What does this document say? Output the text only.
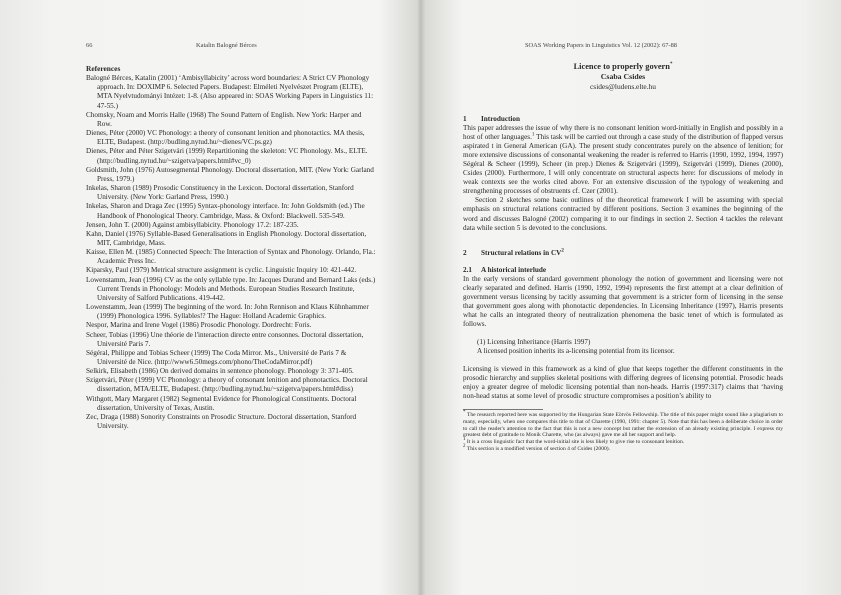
66	Katalin Balogné Bérces
References

Balogné Bérces, Katalin (2001) ‘Ambisyllabicity’ across word boundaries: A Strict CV Phonology approach. In: DOXIMP 6. Selected Papers. Budapest: Elméleti Nyelvészet Program (ELTE), MTA Nyelvtudományi Intézet: 1-8. (Also appeared in: SOAS Working Papers in Linguistics 11: 47-55.)

Chomsky, Noam and Morris Halle (1968) The Sound Pattern of English. New York: Harper and Row.

Dienes, Péter (2000) VC Phonology: a theory of consonant lenition and phonotactics. MA thesis, ELTE, Budapest. (http://budling.nytud.hu/~dienes/VC.ps.gz)

Dienes, Péter and Péter Szigetvári (1999) Repartitioning the skeleton: VC Phonology. Ms., ELTE. (http://budling.nytud.hu/~szigetva/papers.html#vc_0)

Goldsmith, John (1976) Autosegmental Phonology. Doctoral dissertation, MIT. (New York: Garland Press, 1979.)

Inkelas, Sharon (1989) Prosodic Constituency in the Lexicon. Doctoral dissertation, Stanford University. (New York: Garland Press, 1990.)

Inkelas, Sharon and Draga Zec (1995) Syntax-phonology interface. In: John Goldsmith (ed.) The Handbook of Phonological Theory. Cambridge, Mass. & Oxford: Blackwell. 535-549.

Jensen, John T. (2000) Against ambisyllabicity. Phonology 17.2: 187-235.

Kahn, Daniel (1976) Syllable-Based Generalisations in English Phonology. Doctoral dissertation, MIT, Cambridge, Mass.

Kaisse, Ellen M. (1985) Connected Speech: The Interaction of Syntax and Phonology. Orlando, Fla.: Academic Press Inc.

Kiparsky, Paul (1979) Metrical structure assignment is cyclic. Linguistic Inquiry 10: 421-442.

Lowenstamm, Jean (1996) CV as the only syllable type. In: Jacques Durand and Bernard Laks (eds.) Current Trends in Phonology: Models and Methods. European Studies Research Institute, University of Salford Publications. 419-442.

Lowenstamm, Jean (1999) The beginning of the word. In: John Rennison and Klaus Kühnhammer (1999) Phonologica 1996. Syllables!? The Hague: Holland Academic Graphics.

Nespor, Marina and Irene Vogel (1986) Prosodic Phonology. Dordrecht: Foris.

Scheer, Tobias (1996) Une théorie de l'interaction directe entre consonnes. Doctoral dissertation, Université Paris 7.

Ségéral, Philippe and Tobias Scheer (1999) The Coda Mirror. Ms., Université de Paris 7 & Université de Nice. (http://www6.50megs.com/phono/TheCodaMirror.pdf)

Selkirk, Elisabeth (1986) On derived domains in sentence phonology. Phonology 3: 371-405.

Szigetvári, Péter (1999) VC Phonology: a theory of consonant lenition and phonotactics. Doctoral dissertation, MTA/ELTE, Budapest. (http://budling.nytud.hu/~szigetva/papers.html#diss)

Withgott, Mary Margaret (1982) Segmental Evidence for Phonological Constituents. Doctoral dissertation, University of Texas, Austin.

Zec, Draga (1988) Sonority Constraints on Prosodic Structure. Doctoral dissertation, Stanford University.

SOAS Working Papers in Linguistics Vol. 12 (2002): 67-88
Licence to properly govern*
Csaba Csides
csides@ludens.elte.hu
1 Introduction

This paper addresses the issue of why there is no consonant lenition word-initially in English and possibly in a host of other languages.$^1$ This task will be carried out through a case study of the distribution of flapped versus aspirated t in General American (GA). The present study concentrates purely on the absence of lenition; for more extensive discussions of consonantal weakening the reader is referred to Harris (1990, 1992, 1994, 1997) Ségéral & Scheer (1999), Scheer (in prep.) Dienes & Szigetvári (1999), Szigetvári (1999), Dienes (2000), Csides (2000). Furthermore, I will only concentrate on structural aspects here: for discussions of melody in weak contexts see the works cited above. For an extensive discussion of the typology of weakening and strengthening processes of obstruents cf. Czer (2001).

Section 2 sketches some basic outlines of the theoretical framework I will be assuming with special emphasis on structural relations contracted by different positions. Section 3 examines the beginning of the word and discusses Balogné (2002) comparing it to our findings in section 2. Section 4 tackles the relevant data while section 5 is devoted to the conclusions.

2 Structural relations in $CV^2$
2.1 A historical interlude

In the early versions of standard government phonology the notion of government and licensing were not clearly separated and defined. Harris (1990, 1992, 1994) represents the first attempt at a clear definition of government versus licensing by tacitly assuming that government is a stricter form of licensing in the sense that government goes along with phonotactic dependencies. In Licensing Inheritance (1997), Harris presents what he calls an integrated theory of neutralization phenomena the basic tenet of which is formulated as follows.

(1) Licensing Inheritance (Harris 1997)

A licensed position inherits its a-licensing potential from its licensor.

Licensing is viewed in this framework as a kind of glue that keeps together the different constituents in the prosodic hierarchy and supplies skeletal positions with differing degrees of licensing potential. Prosodic heads enjoy a greater degree of melodic licensing potential than non-heads. Harris (1997:317) claims that ‘having non-head status at some level of prosodic structure compromises a position’s ability to

* The research reported here was supported by the Hungarian State Eötvös Fellowship. The title of this paper might sound like a plagiarism to many, especially, when one compares this title to that of Charette (1990, 1991: chapter 5). Note that this has been a deliberate choice in order to call the reader's attention to the fact that this is not a new concept but rather the extension of an already existing principle. I express my greatest debt of gratitude to Monik Charette, who (as always) gave me all her support and help.

$^1$ It is a cross linguistic fact that the word-initial site is less likely to give rise to consonant lenition.

$^2$ This section is a modified version of section 4 of Csides (2000).
